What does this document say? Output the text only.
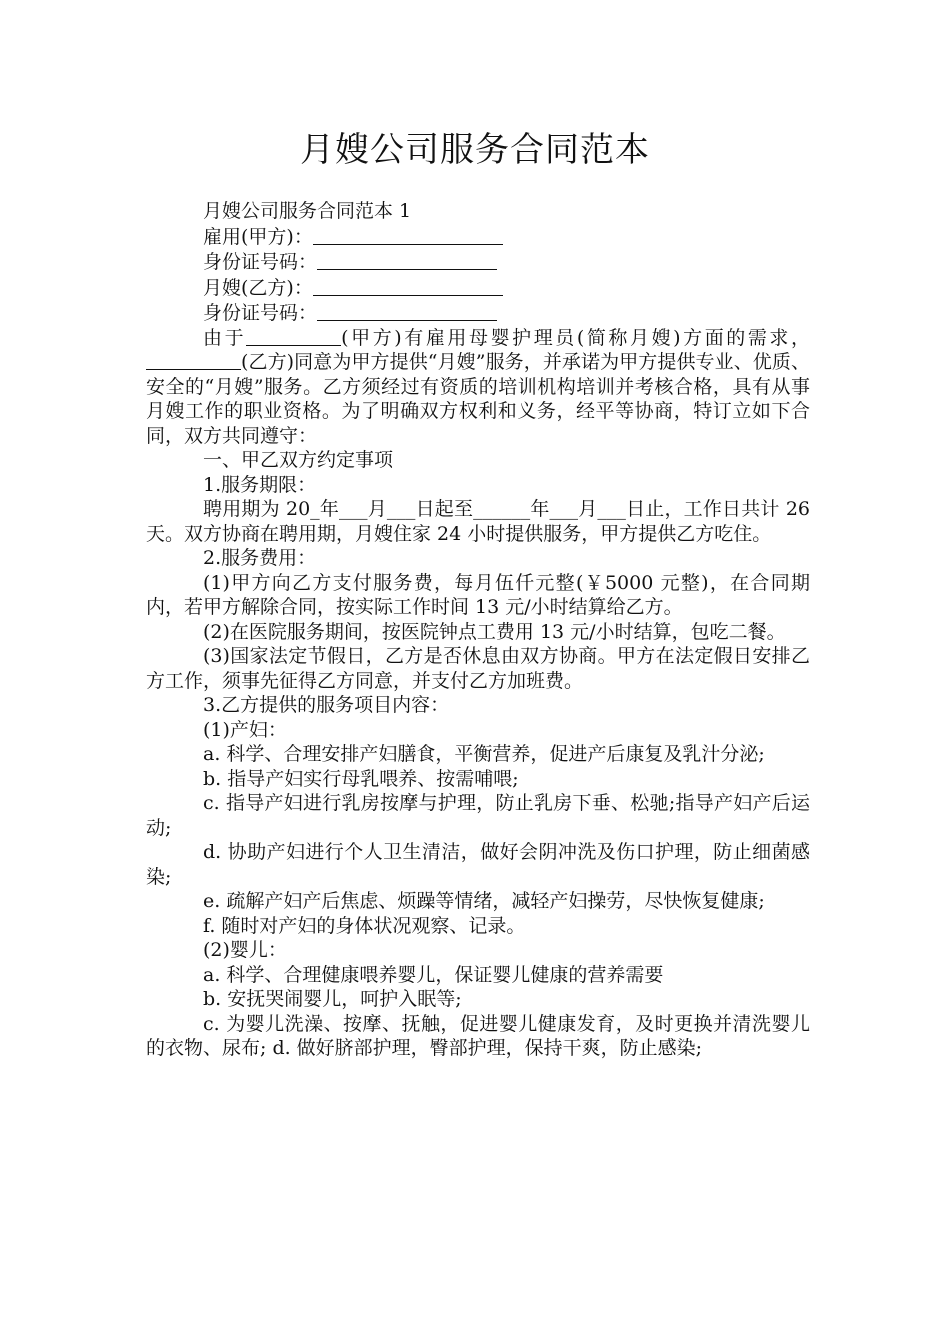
月嫂公司服务合同范本

月嫂公司服务合同范本 1

雇用(甲方)：

身份证号码：

月嫂(乙方)：

身份证号码：

由于	(甲方)有雇用母婴护理员(简称月嫂)方面的需求，(乙方)同意为甲方提供“月嫂”服务，并承诺为甲方提供专业、优质、安全的“月嫂”服务。乙方须经过有资质的培训机构培训并考核合格，具有从事月嫂工作的职业资格。为了明确双方权利和义务，经平等协商，特订立如下合同，双方共同遵守：

一、甲乙双方约定事项

1.服务期限：

聘用期为 20_年___月___日起至______年___月___日止，工作日共计 26 天。双方协商在聘用期，月嫂住家 24 小时提供服务，甲方提供乙方吃住。

2.服务费用：

(1)甲方向乙方支付服务费，每月伍仟元整(￥5000 元整)，在合同期内，若甲方解除合同，按实际工作时间 13 元/小时结算给乙方。

(2)在医院服务期间，按医院钟点工费用 13 元/小时结算，包吃二餐。

(3)国家法定节假日，乙方是否休息由双方协商。甲方在法定假日安排乙方工作，须事先征得乙方同意，并支付乙方加班费。

3.乙方提供的服务项目内容：

(1)产妇：

a. 科学、合理安排产妇膳食，平衡营养，促进产后康复及乳汁分泌;

b. 指导产妇实行母乳喂养、按需哺喂;

c. 指导产妇进行乳房按摩与护理，防止乳房下垂、松驰;指导产妇产后运动;

d. 协助产妇进行个人卫生清洁，做好会阴冲洗及伤口护理，防止细菌感染;

e. 疏解产妇产后焦虑、烦躁等情绪，减轻产妇操劳，尽快恢复健康;

f. 随时对产妇的身体状况观察、记录。

(2)婴儿：

a. 科学、合理健康喂养婴儿，保证婴儿健康的营养需要

b. 安抚哭闹婴儿，呵护入眠等;

c. 为婴儿洗澡、按摩、抚触，促进婴儿健康发育，及时更换并清洗婴儿的衣物、尿布; d. 做好脐部护理，臀部护理，保持干爽，防止感染;
